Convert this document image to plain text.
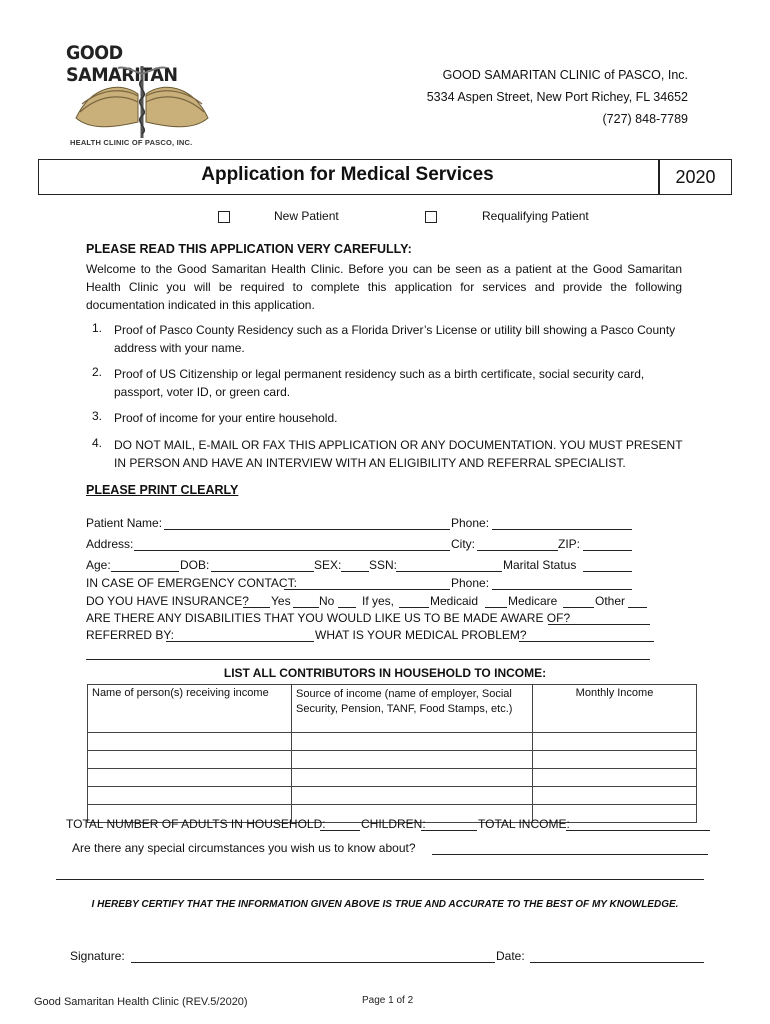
GOOD SAMARITAN
HEALTH CLINIC OF PASCO, INC.
GOOD SAMARITAN CLINIC of PASCO, Inc.
5334 Aspen Street, New Port Richey, FL 34652
(727) 848-7789
Application for Medical Services	2020
New Patient	Requalifying Patient
PLEASE READ THIS APPLICATION VERY CAREFULLY:
Welcome to the Good Samaritan Health Clinic. Before you can be seen as a patient at the Good Samaritan Health Clinic you will be required to complete this application for services and provide the following documentation indicated in this application.
1. Proof of Pasco County Residency such as a Florida Driver’s License or utility bill showing a Pasco County address with your name.
2. Proof of US Citizenship or legal permanent residency such as a birth certificate, social security card, passport, voter ID, or green card.
3. Proof of income for your entire household.
4. DO NOT MAIL, E-MAIL OR FAX THIS APPLICATION OR ANY DOCUMENTATION. YOU MUST PRESENT IN PERSON AND HAVE AN INTERVIEW WITH AN ELIGIBILITY AND REFERRAL SPECIALIST.
PLEASE PRINT CLEARLY
Patient Name:	Phone:
Address:	City:	ZIP:
Age:	DOB:	SEX: SSN:	Marital Status
IN CASE OF EMERGENCY CONTACT:	Phone:
DO YOU HAVE INSURANCE? Yes No If yes,	Medicaid Medicare	Other
ARE THERE ANY DISABILITIES THAT YOU WOULD LIKE US TO BE MADE AWARE OF?
REFERRED BY:	WHAT IS YOUR MEDICAL PROBLEM?
LIST ALL CONTRIBUTORS IN HOUSEHOLD TO INCOME:
Name of person(s) receiving income	Source of income (name of employer, Social Security, Pension, TANF, Food Stamps, etc.)	Monthly Income

TOTAL NUMBER OF ADULTS IN HOUSEHOLD:	CHILDREN:	TOTAL INCOME:
Are there any special circumstances you wish us to know about?
I HEREBY CERTIFY THAT THE INFORMATION GIVEN ABOVE IS TRUE AND ACCURATE TO THE BEST OF MY KNOWLEDGE.
Signature:	Date:
Good Samaritan Health Clinic (REV.5/2020)	Page 1 of 2
